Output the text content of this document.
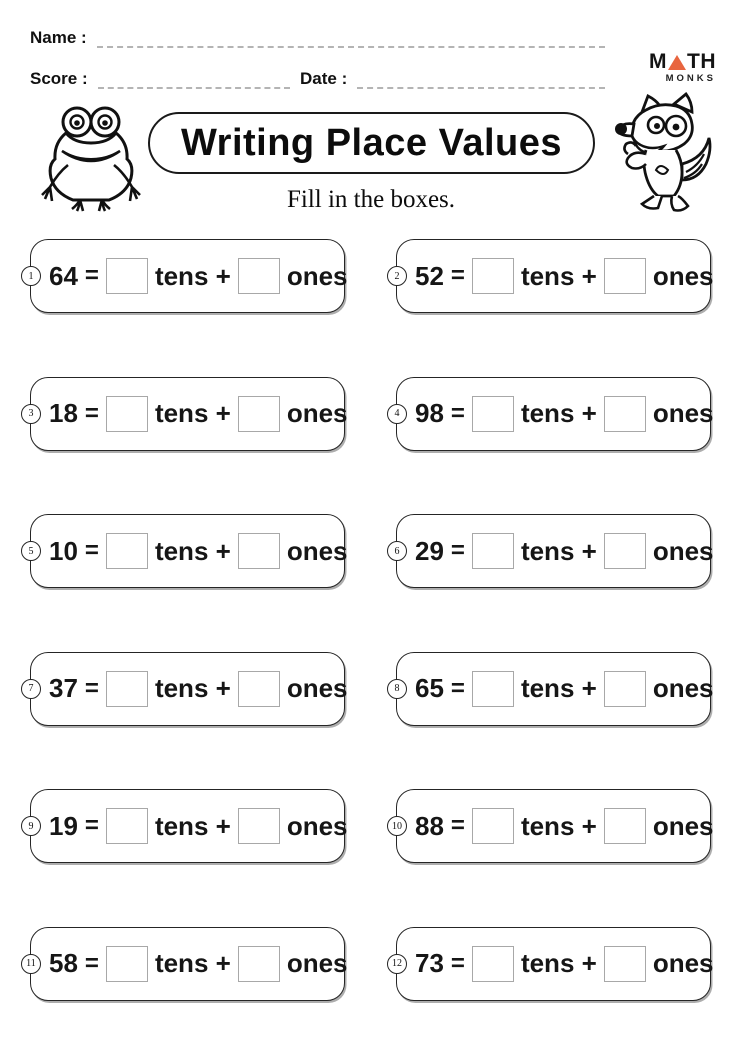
Name :
Score :	Date :
M TH
MONKS
Writing Place Values
Fill in the boxes.
1 64 = tens + ones	2 52 = tens + ones
3 18 = tens + ones	4 98 = tens + ones
5 10 = tens + ones	6 29 = tens + ones
7 37 = tens + ones	8 65 = tens + ones
9 19 = tens + ones	10 88 = tens + ones
11 58 = tens + ones	12 73 = tens + ones
